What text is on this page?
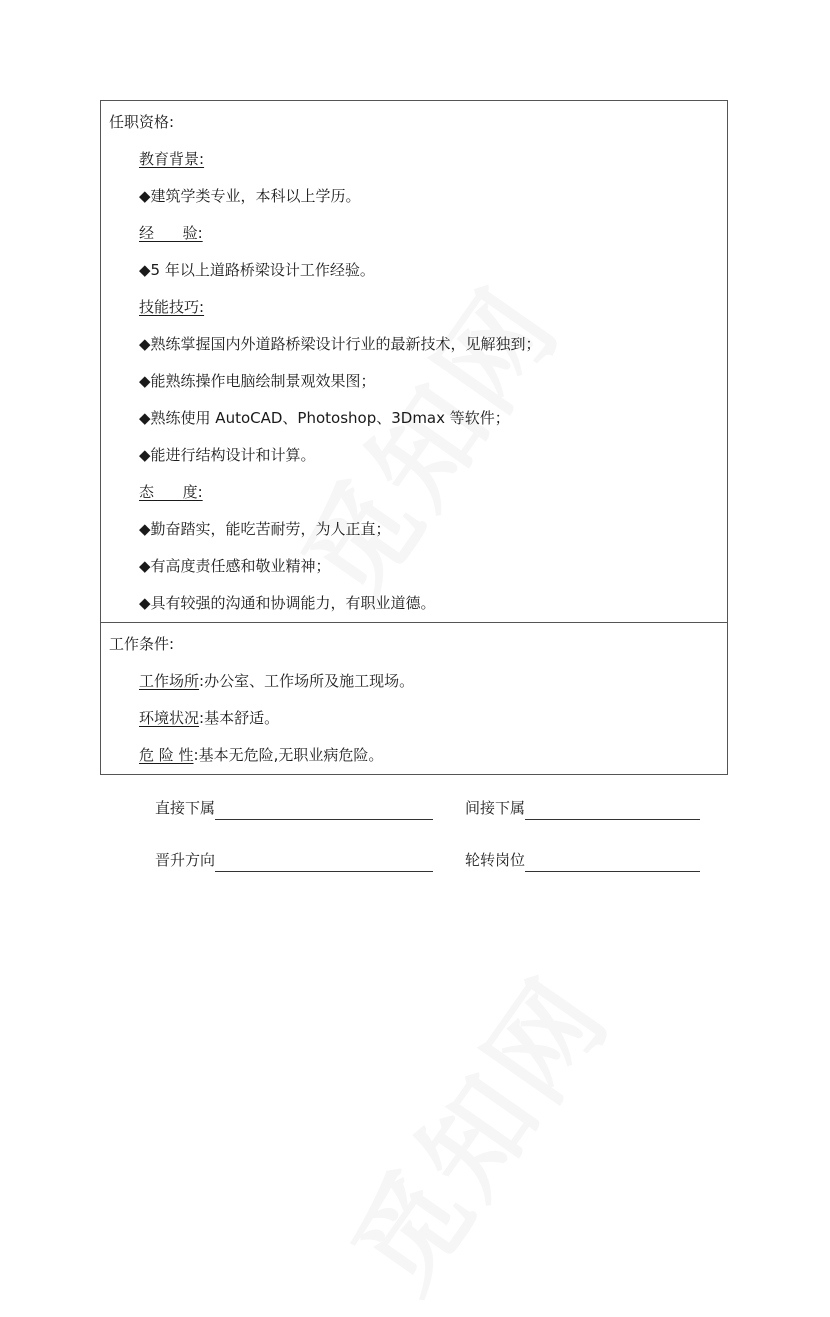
任职资格:
教育背景:
◆建筑学类专业，本科以上学历。
经      验:
◆5 年以上道路桥梁设计工作经验。
技能技巧:
◆熟练掌握国内外道路桥梁设计行业的最新技术，见解独到；
◆能熟练操作电脑绘制景观效果图；
◆熟练使用 AutoCAD、Photoshop、3Dmax 等软件；
◆能进行结构设计和计算。
态      度:
◆勤奋踏实，能吃苦耐劳，为人正直；
◆有高度责任感和敬业精神；
◆具有较强的沟通和协调能力，有职业道德。
工作条件:
工作场所:办公室、工作场所及施工现场。
环境状况:基本舒适。
危 险 性:基本无危险,无职业病危险。
直接下属	间接下属
晋升方向	轮转岗位
